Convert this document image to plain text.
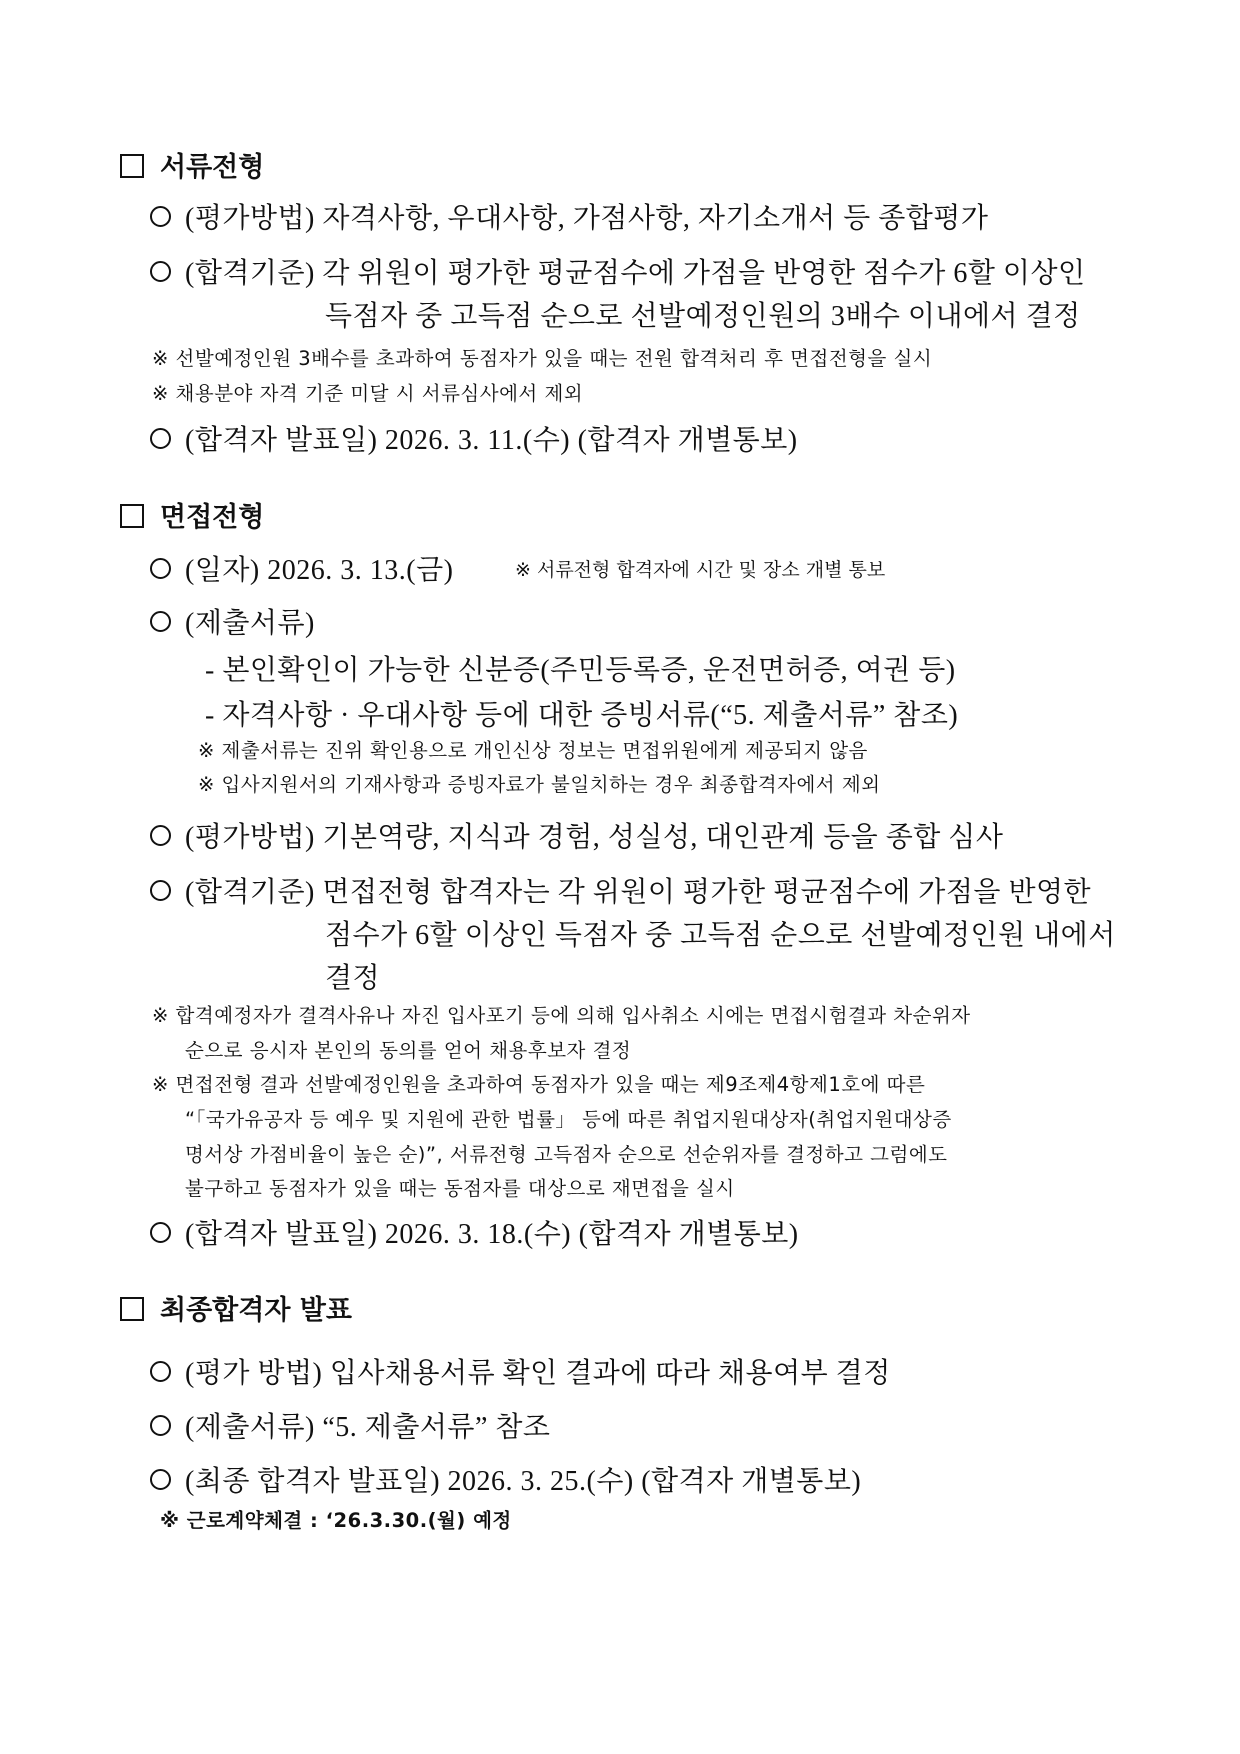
서류전형
(평가방법) 자격사항, 우대사항, 가점사항, 자기소개서 등 종합평가
(합격기준) 각 위원이 평가한 평균점수에 가점을 반영한 점수가 6할 이상인
득점자 중 고득점 순으로 선발예정인원의 3배수 이내에서 결정
※ 선발예정인원 3배수를 초과하여 동점자가 있을 때는 전원 합격처리 후 면접전형을 실시
※ 채용분야 자격 기준 미달 시 서류심사에서 제외
(합격자 발표일) 2026. 3. 11.(수) (합격자 개별통보)
면접전형
(일자) 2026. 3. 13.(금)	※ 서류전형 합격자에 시간 및 장소 개별 통보
(제출서류)
- 본인확인이 가능한 신분증(주민등록증, 운전면허증, 여권 등)
- 자격사항 · 우대사항 등에 대한 증빙서류(“5. 제출서류” 참조)
※ 제출서류는 진위 확인용으로 개인신상 정보는 면접위원에게 제공되지 않음
※ 입사지원서의 기재사항과 증빙자료가 불일치하는 경우 최종합격자에서 제외
(평가방법) 기본역량, 지식과 경험, 성실성, 대인관계 등을 종합 심사
(합격기준) 면접전형 합격자는 각 위원이 평가한 평균점수에 가점을 반영한
점수가 6할 이상인 득점자 중 고득점 순으로 선발예정인원 내에서
결정
※ 합격예정자가 결격사유나 자진 입사포기 등에 의해 입사취소 시에는 면접시험결과 차순위자
순으로 응시자 본인의 동의를 얻어 채용후보자 결정
※ 면접전형 결과 선발예정인원을 초과하여 동점자가 있을 때는 제9조제4항제1호에 따른
“「국가유공자 등 예우 및 지원에 관한 법률」 등에 따른 취업지원대상자(취업지원대상증
명서상 가점비율이 높은 순)”, 서류전형 고득점자 순으로 선순위자를 결정하고 그럼에도
불구하고 동점자가 있을 때는 동점자를 대상으로 재면접을 실시
(합격자 발표일) 2026. 3. 18.(수) (합격자 개별통보)
최종합격자 발표
(평가 방법) 입사채용서류 확인 결과에 따라 채용여부 결정
(제출서류) “5. 제출서류” 참조
(최종 합격자 발표일) 2026. 3. 25.(수) (합격자 개별통보)
※ 근로계약체결 : ‘26.3.30.(월) 예정
